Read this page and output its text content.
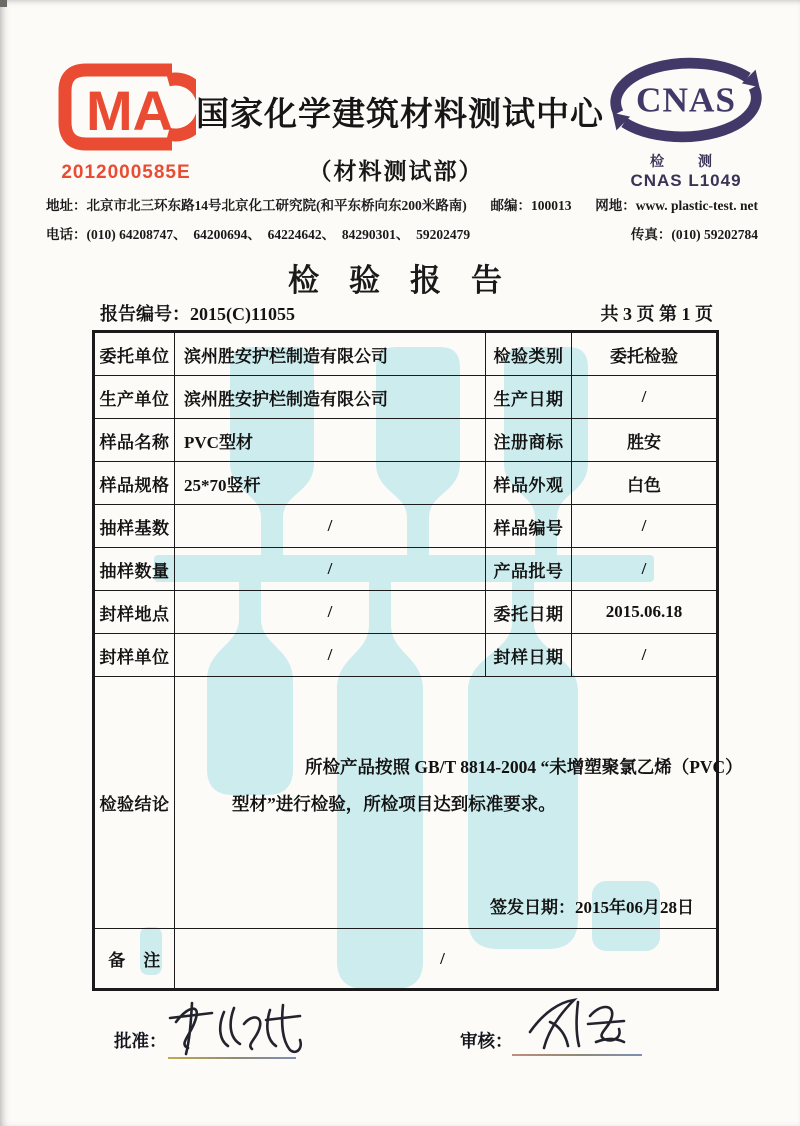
MA
2012000585E
国家化学建筑材料测试中心
（材料测试部）
CNAS
检　测
CNAS L1049
地址：北京市北三环东路14号北京化工研究院(和平东桥向东200米路南) 邮编：100013 网地：www. plastic-test. net
电话：(010) 64208747、　64200694、　64224642、　84290301、　59202479	传真：(010) 59202784
检验报告
报告编号：2015(C)11055	共 3 页 第 1 页
委托单位 滨州胜安护栏制造有限公司	检验类别	委托检验
生产单位 滨州胜安护栏制造有限公司	生产日期	/
样品名称 PVC型材	注册商标	胜安
样品规格 25*70竖杆	样品外观	白色
抽样基数	/	样品编号	/
抽样数量	/	产品批号	/
封样地点	/	委托日期	2015.06.18
封样单位	/	封样日期	/
检验结论
所检产品按照 GB/T 8814-2004 “未增塑聚氯乙烯（PVC）
型材”进行检验，所检项目达到标准要求。
签发日期：2015年06月28日
备　注	/
批准：	审核：
